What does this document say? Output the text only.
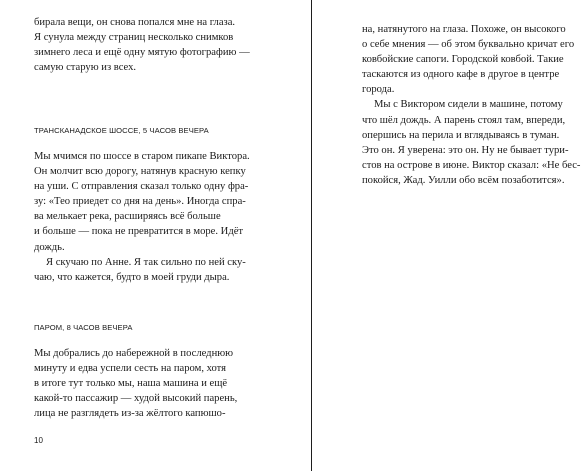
бирала вещи, он снова попался мне на глаза.
Я сунула между страниц несколько снимков
зимнего леса и ещё одну мятую фотографию —
самую старую из всех.

ТРАНСКАНАДСКОЕ ШОССЕ, 5 ЧАСОВ ВЕЧЕРА

Мы мчимся по шоссе в старом пикапе Виктора.
Он молчит всю дорогу, натянув красную кепку
на уши. С отправления сказал только одну фра-
зу: «Тео приедет со дня на день». Иногда спра-
ва мелькает река, расширяясь всё больше
и больше — пока не превратится в море. Идёт
дождь.

Я скучаю по Анне. Я так сильно по ней ску-
чаю, что кажется, будто в моей груди дыра.

ПАРОМ, 8 ЧАСОВ ВЕЧЕРА

Мы добрались до набережной в последнюю
минуту и едва успели сесть на паром, хотя
в итоге тут только мы, наша машина и ещё
какой-то пассажир — худой высокий парень,
лица не разглядеть из-за жёлтого капюшо-

10

на, натянутого на глаза. Похоже, он высокого
о себе мнения — об этом буквально кричат его
ковбойские сапоги. Городской ковбой. Такие
таскаются из одного кафе в другое в центре
города.

Мы с Виктором сидели в машине, потому
что шёл дождь. А парень стоял там, впереди,
опершись на перила и вглядываясь в туман.
Это он. Я уверена: это он. Ну не бывает тури-
стов на острове в июне. Виктор сказал: «Не бес-
покойся, Жад. Уилли обо всём позаботится».
